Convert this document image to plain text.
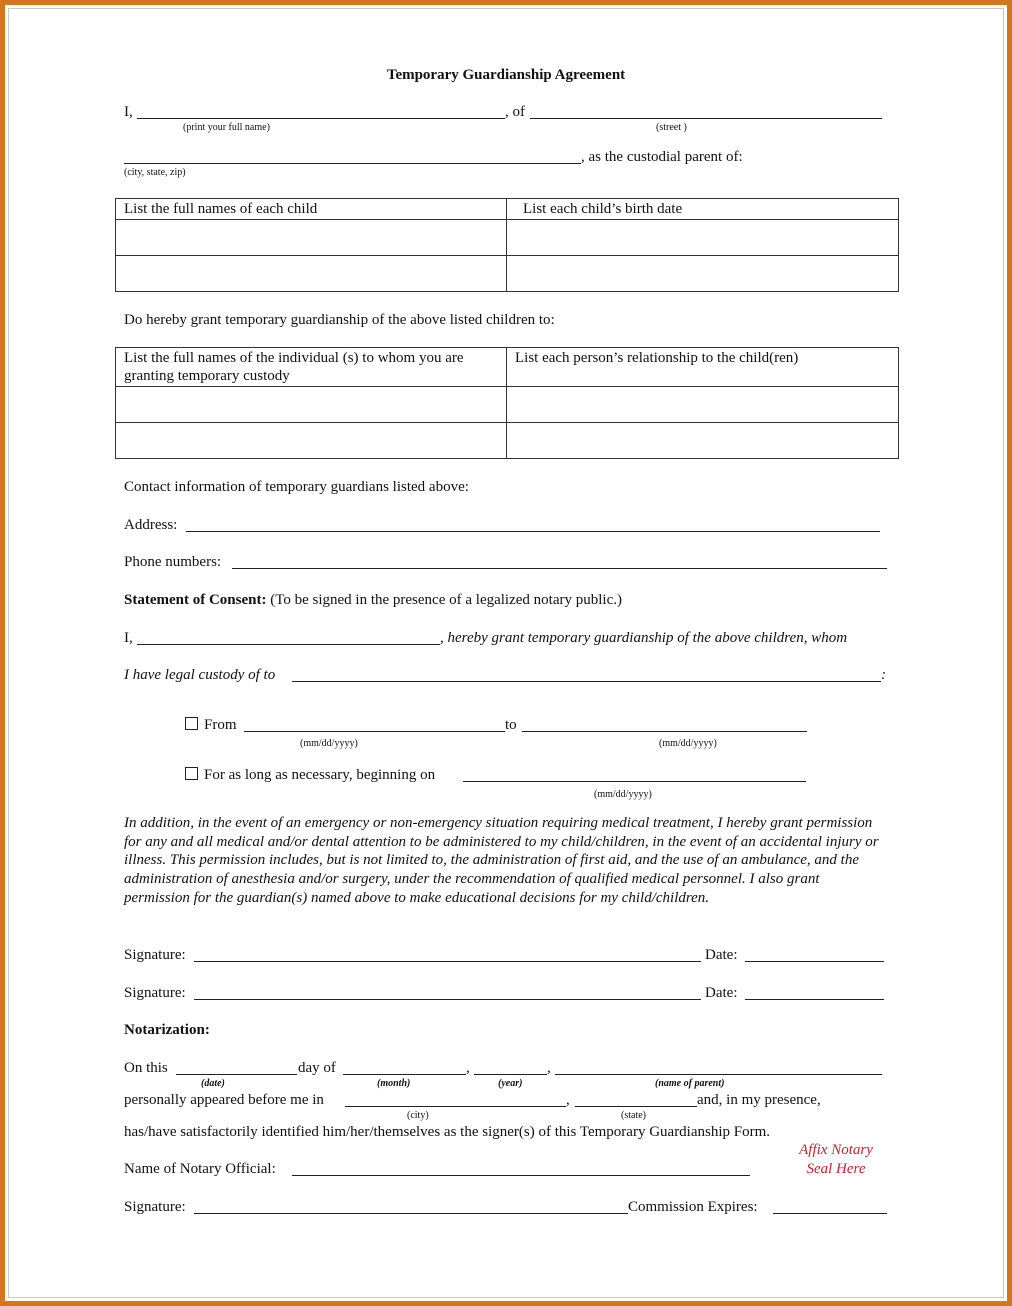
Temporary Guardianship Agreement
I,	, of
(print your full name)	(street )
, as the custodial parent of:
(city, state, zip)
List the full names of each child	List each child’s birth date

Do hereby grant temporary guardianship of the above listed children to:
List the full names of the individual (s) to whom you are
granting temporary custody	List each person’s relationship to the child(ren)

Contact information of temporary guardians listed above:
Address:
Phone numbers:
Statement of Consent: (To be signed in the presence of a legalized notary public.)
I,	, hereby grant temporary guardianship of the above children, whom
I have legal custody of to	:
From	to
(mm/dd/yyyy)	(mm/dd/yyyy)
For as long as necessary, beginning on
(mm/dd/yyyy)
In addition, in the event of an emergency or non-emergency situation requiring medical treatment, I hereby grant permission for any and all medical and/or dental attention to be administered to my child/children, in the event of an accidental injury or illness. This permission includes, but is not limited to, the administration of first aid, and the use of an ambulance, and the administration of anesthesia and/or surgery, under the recommendation of qualified medical personnel. I also grant permission for the guardian(s) named above to make educational decisions for my child/children.
Signature:	Date:
Signature:	Date:
Notarization:
On this	day of	,	,
(date)	(month)	(year)	(name of parent)
personally appeared before me in	,	and, in my presence,
(city)	(state)
has/have satisfactorily identified him/her/themselves as the signer(s) of this Temporary Guardianship Form.
Affix Notary
Seal Here
Name of Notary Official:
Signature:	Commission Expires:
